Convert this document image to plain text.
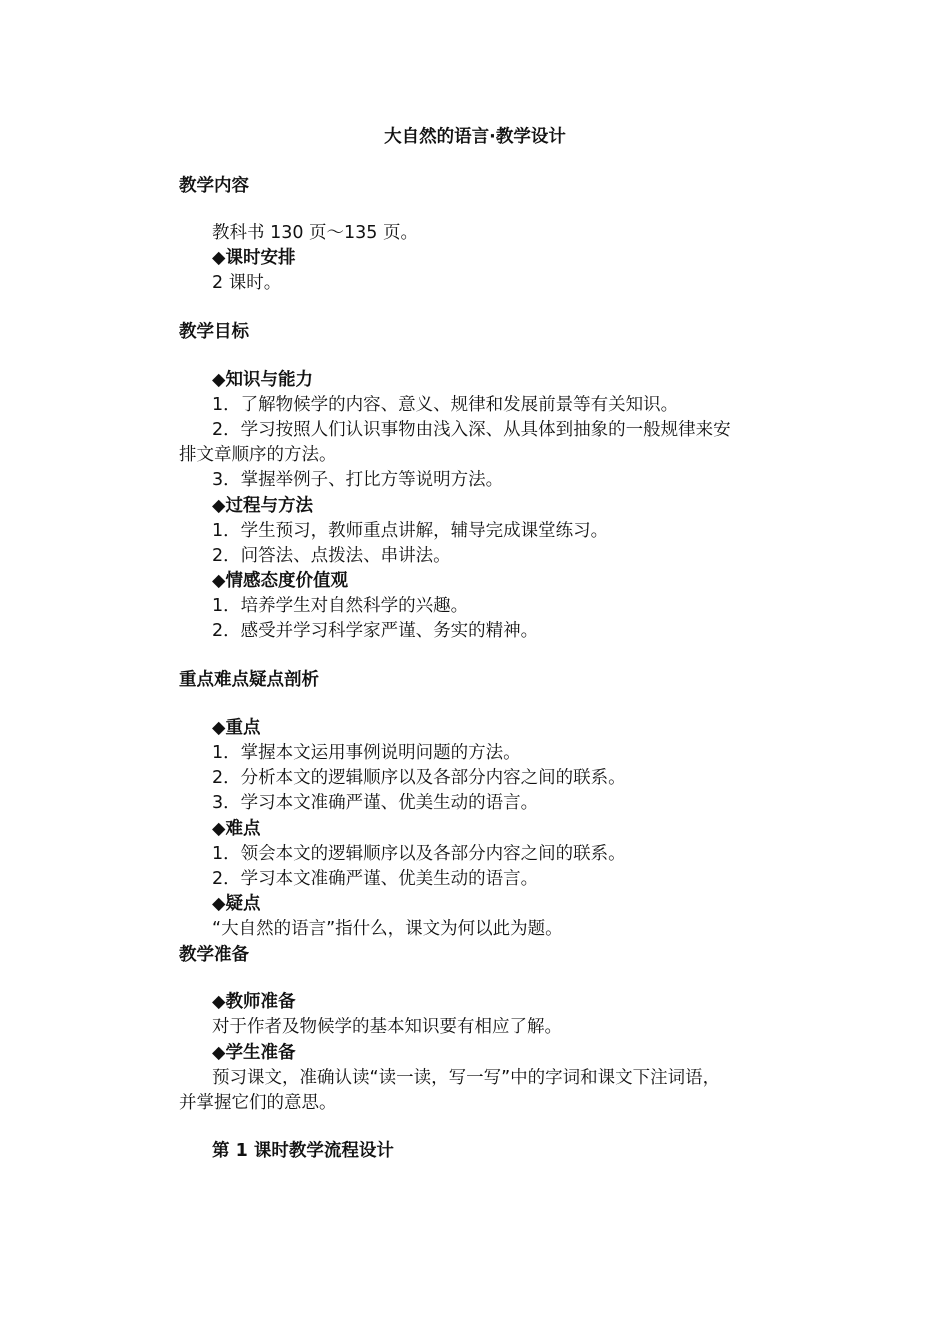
大自然的语言·教学设计
教学内容
教科书 130 页～135 页。
◆课时安排
2 课时。
教学目标
◆知识与能力
1．了解物候学的内容、意义、规律和发展前景等有关知识。
2．学习按照人们认识事物由浅入深、从具体到抽象的一般规律来安
排文章顺序的方法。
3．掌握举例子、打比方等说明方法。
◆过程与方法
1．学生预习，教师重点讲解，辅导完成课堂练习。
2．问答法、点拨法、串讲法。
◆情感态度价值观
1．培养学生对自然科学的兴趣。
2．感受并学习科学家严谨、务实的精神。
重点难点疑点剖析
◆重点
1．掌握本文运用事例说明问题的方法。
2．分析本文的逻辑顺序以及各部分内容之间的联系。
3．学习本文准确严谨、优美生动的语言。
◆难点
1．领会本文的逻辑顺序以及各部分内容之间的联系。
2．学习本文准确严谨、优美生动的语言。
◆疑点
“大自然的语言”指什么，课文为何以此为题。
教学准备
◆教师准备
对于作者及物候学的基本知识要有相应了解。
◆学生准备
预习课文，准确认读“读一读，写一写”中的字词和课文下注词语，
并掌握它们的意思。
第 1 课时教学流程设计
